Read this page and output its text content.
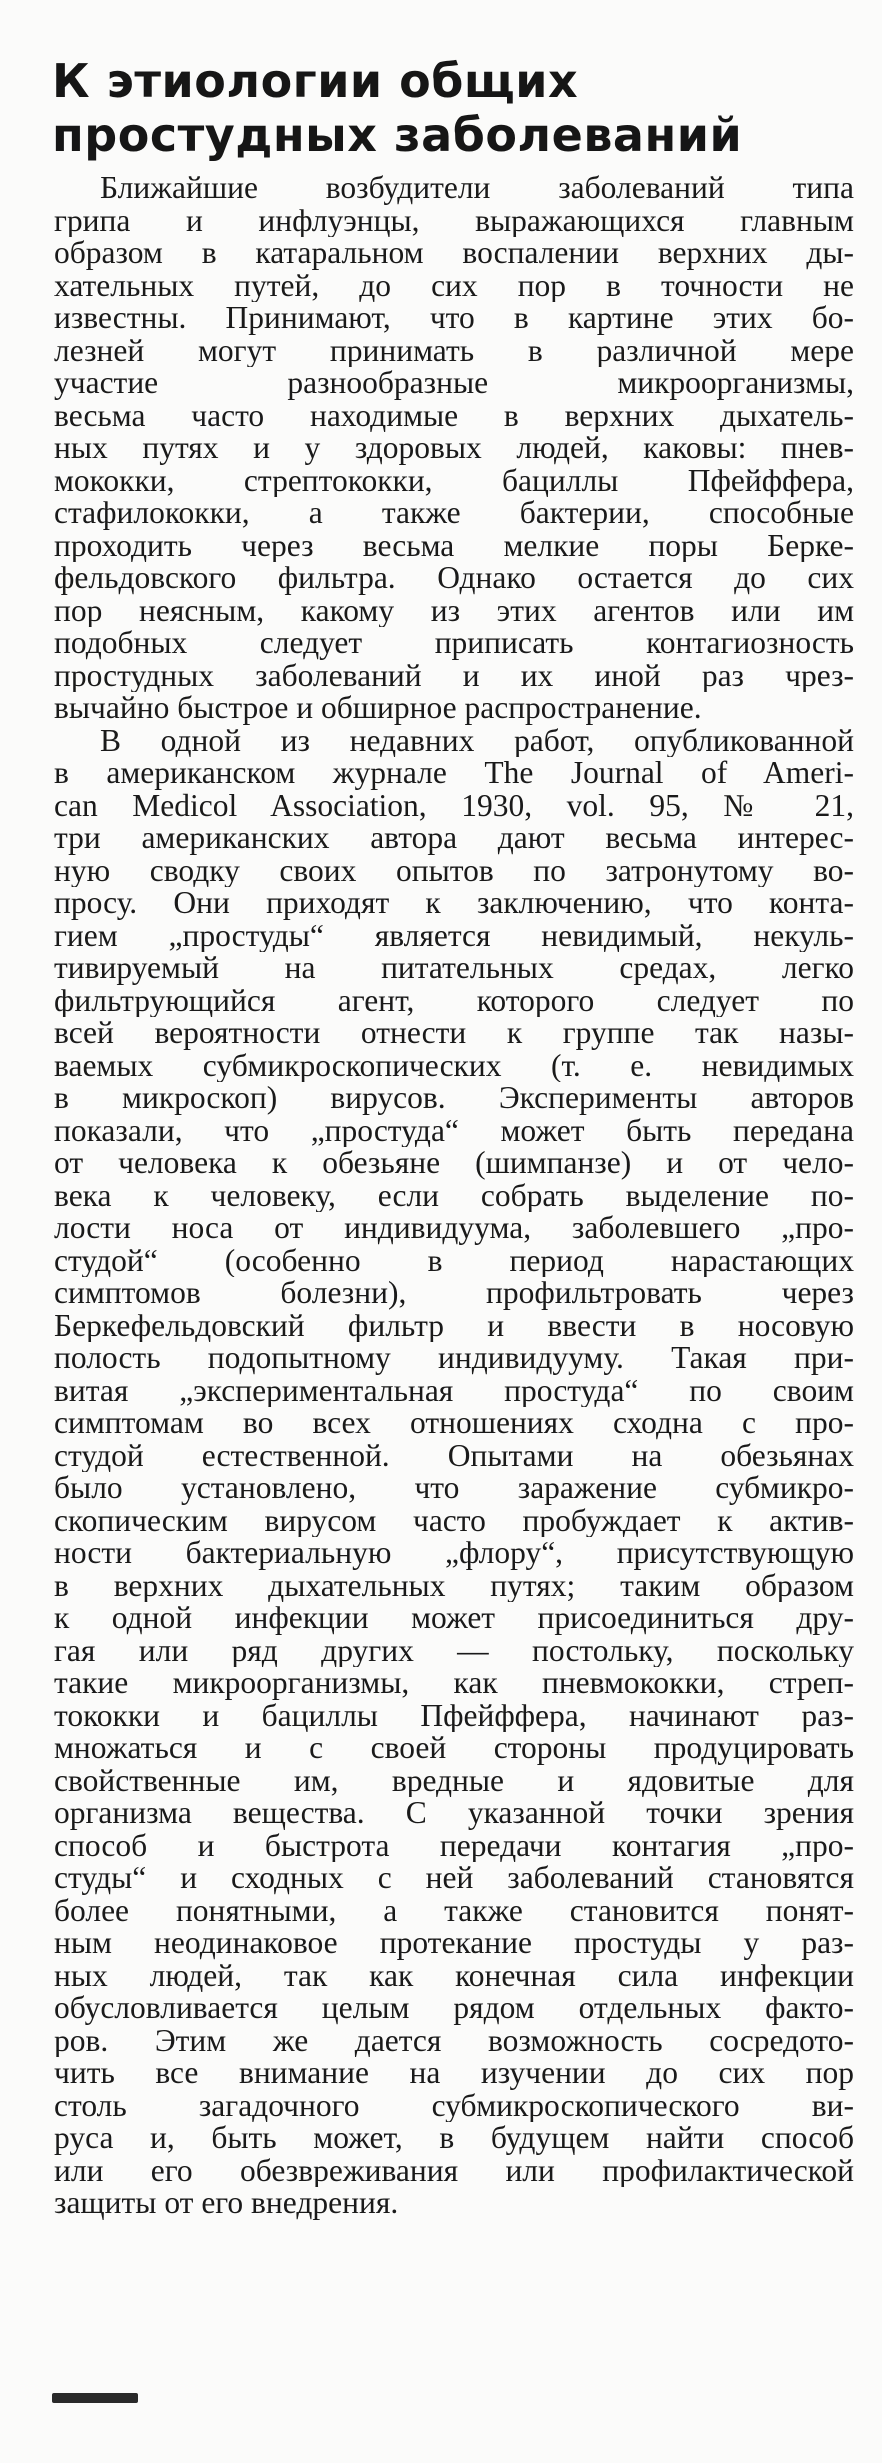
К этиологии общих
простудных заболеваний

Ближайшие возбудители заболеваний типа
грипа и инфлуэнцы, выражающихся главным
образом в катаральном воспалении верхних ды-
хательных путей, до сих пор в точности не
известны. Принимают, что в картине этих бо-
лезней могут принимать в различной мере
участие разнообразные микроорганизмы,
весьма часто находимые в верхних дыхатель-
ных путях и у здоровых людей, каковы: пнев-
мококки, стрептококки, бациллы Пфейффера,
стафилококки, а также бактерии, способные
проходить через весьма мелкие поры Берке-
фельдовского фильтра. Однако остается до сих
пор неясным, какому из этих агентов или им
подобных следует приписать контагиозность
простудных заболеваний и их иной раз чрез-
вычайно быстрое и обширное распространение.

В одной из недавних работ, опубликованной
в американском журнале The Journal of Ameri-
can Medicol Association, 1930, vol. 95, № 21,
три американских автора дают весьма интерес-
ную сводку своих опытов по затронутому во-
просу. Они приходят к заключению, что конта-
гием „простуды“ является невидимый, некуль-
тивируемый на питательных средах, легко
фильтрующийся агент, которого следует по
всей вероятности отнести к группе так назы-
ваемых субмикроскопических (т. е. невидимых
в микроскоп) вирусов. Эксперименты авторов
показали, что „простуда“ может быть передана
от человека к обезьяне (шимпанзе) и от чело-
века к человеку, если собрать выделение по-
лости носа от индивидуума, заболевшего „про-
студой“ (особенно в период нарастающих
симптомов болезни), профильтровать через
Беркефельдовский фильтр и ввести в носовую
полость подопытному индивидууму. Такая при-
витая „экспериментальная простуда“ по своим
симптомам во всех отношениях сходна с про-
студой естественной. Опытами на обезьянах
было установлено, что заражение субмикро-
скопическим вирусом часто пробуждает к актив-
ности бактериальную „флору“, присутствующую
в верхних дыхательных путях; таким образом
к одной инфекции может присоединиться дру-
гая или ряд других — постольку, поскольку
такие микроорганизмы, как пневмококки, стреп-
тококки и бациллы Пфейффера, начинают раз-
множаться и с своей стороны продуцировать
свойственные им, вредные и ядовитые для
организма вещества. С указанной точки зрения
способ и быстрота передачи контагия „про-
студы“ и сходных с ней заболеваний становятся
более понятными, а также становится понят-
ным неодинаковое протекание простуды у раз-
ных людей, так как конечная сила инфекции
обусловливается целым рядом отдельных факто-
ров. Этим же дается возможность сосредото-
чить все внимание на изучении до сих пор
столь загадочного субмикроскопического ви-
руса и, быть может, в будущем найти способ
или его обезвреживания или профилактической
защиты от его внедрения.
